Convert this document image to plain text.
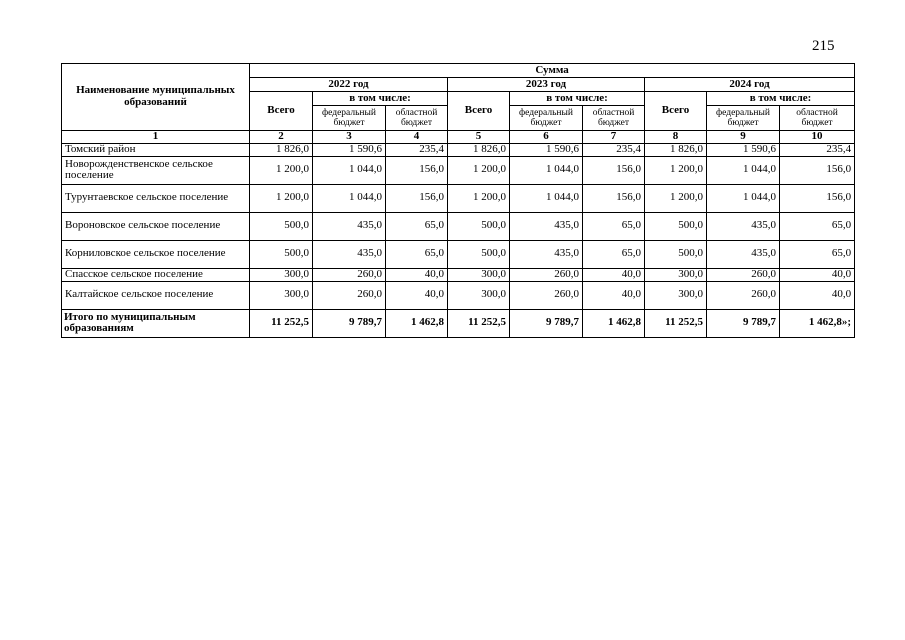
215
Наименование муниципальных образований	Сумма								
	2022 год			2023 год			2024 год		
	Всего	в том числе:		Всего	в том числе:		Всего	в том числе:	
		федеральный бюджет	областной бюджет		федеральный бюджет	областной бюджет		федеральный бюджет	областной бюджет
1	2	3	4	5	6	7	8	9	10
Томский район	1 826,0	1 590,6	235,4	1 826,0	1 590,6	235,4	1 826,0	1 590,6	235,4
Новорожденственское сельское поселение	1 200,0	1 044,0	156,0	1 200,0	1 044,0	156,0	1 200,0	1 044,0	156,0
Турунтаевское сельское поселение	1 200,0	1 044,0	156,0	1 200,0	1 044,0	156,0	1 200,0	1 044,0	156,0
Вороновское сельское поселение	500,0	435,0	65,0	500,0	435,0	65,0	500,0	435,0	65,0
Корниловское сельское поселение	500,0	435,0	65,0	500,0	435,0	65,0	500,0	435,0	65,0
Спасское сельское поселение	300,0	260,0	40,0	300,0	260,0	40,0	300,0	260,0	40,0
Калтайское сельское поселение	300,0	260,0	40,0	300,0	260,0	40,0	300,0	260,0	40,0
Итого по муниципальным образованиям	11 252,5	9 789,7	1 462,8	11 252,5	9 789,7	1 462,8	11 252,5	9 789,7	1 462,8»;
